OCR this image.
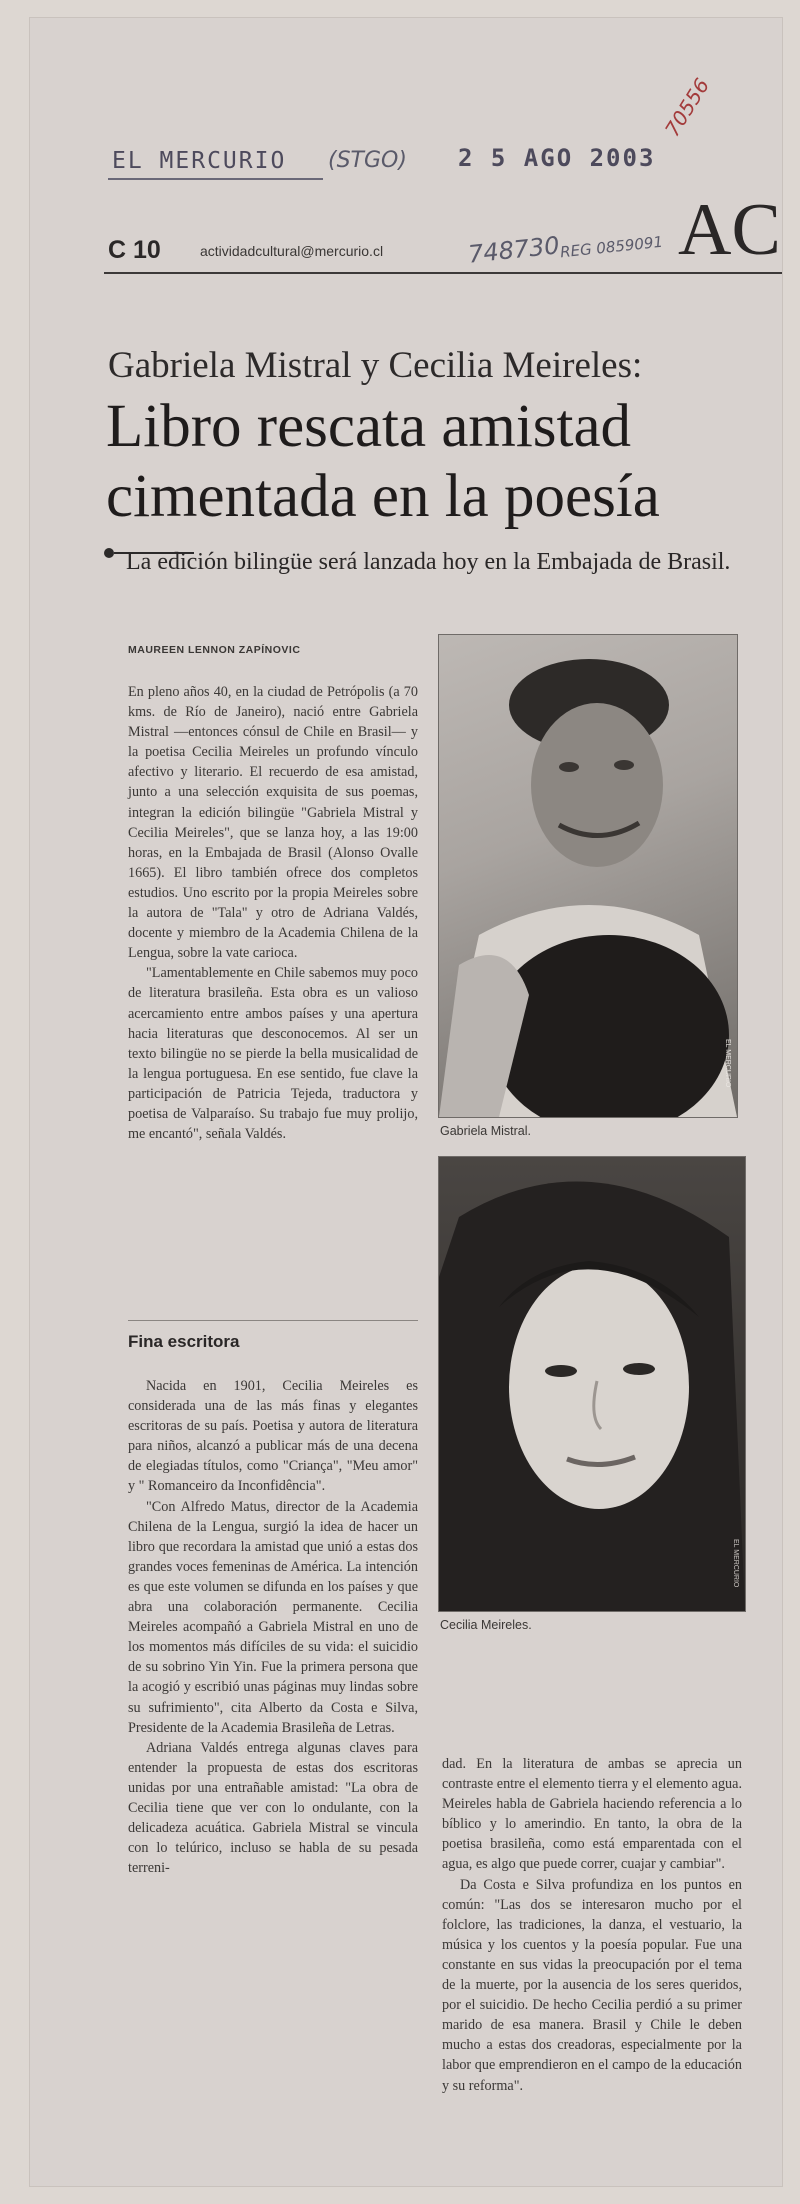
EL MERCURIO (STGO) 2 5 AGO 2003
70556
C 10	actividadcultural@mercurio.cl	748730
REG 0859091 AC
Gabriela Mistral y Cecilia Meireles:
Libro rescata amistad
cimentada en la poesía
La edición bilingüe será lanzada hoy en la Embajada de Brasil.
MAUREEN LENNON ZAPÍNOVIC

En pleno años 40, en la ciudad de Petrópolis (a 70 kms. de Río de Janeiro), nació entre Gabriela Mistral —entonces cónsul de Chile en Brasil— y la poetisa Cecilia Meireles un profundo vínculo afectivo y literario. El recuerdo de esa amistad, junto a una selección exquisita de sus poemas, integran la edición bilingüe "Gabriela Mistral y Cecilia Meireles", que se lanza hoy, a las 19:00 horas, en la Embajada de Brasil (Alonso Ovalle 1665). El libro también ofrece dos completos estudios. Uno escrito por la propia Meireles sobre la autora de "Tala" y otro de Adriana Valdés, docente y miembro de la Academia Chilena de la Lengua, sobre la vate carioca.

"Lamentablemente en Chile sabemos muy poco de literatura brasileña. Esta obra es un valioso acercamiento entre ambos países y una apertura hacia literaturas que desconocemos. Al ser un texto bilingüe no se pierde la bella musicalidad de la lengua portuguesa. En ese sentido, fue clave la participación de Patricia Tejeda, traductora y poetisa de Valparaíso. Su trabajo fue muy prolijo, me encantó", señala Valdés.

Fina escritora

Nacida en 1901, Cecilia Meireles es considerada una de las más finas y elegantes escritoras de su país. Poetisa y autora de literatura para niños, alcanzó a publicar más de una decena de elegiadas títulos, como "Criança", "Meu amor" y " Romanceiro da Inconfidência".

"Con Alfredo Matus, director de la Academia Chilena de la Lengua, surgió la idea de hacer un libro que recordara la amistad que unió a estas dos grandes voces femeninas de América. La intención es que este volumen se difunda en los países y que abra una colaboración permanente. Cecilia Meireles acompañó a Gabriela Mistral en uno de los momentos más difíciles de su vida: el suicidio de su sobrino Yin Yin. Fue la primera persona que la acogió y escribió unas páginas muy lindas sobre su sufrimiento", cita Alberto da Costa e Silva, Presidente de la Academia Brasileña de Letras.

Adriana Valdés entrega algunas claves para entender la propuesta de estas dos escritoras unidas por una entrañable amistad: "La obra de Cecilia tiene que ver con lo ondulante, con la delicadeza acuática. Gabriela Mistral se vincula con lo telúrico, incluso se habla de su pesada terreni-

dad. En la literatura de ambas se aprecia un contraste entre el elemento tierra y el elemento agua. Meireles habla de Gabriela haciendo referencia a lo bíblico y lo amerindio. En tanto, la obra de la poetisa brasileña, como está emparentada con el agua, es algo que puede correr, cuajar y cambiar".

Da Costa e Silva profundiza en los puntos en común: "Las dos se interesaron mucho por el folclore, las tradiciones, la danza, el vestuario, la música y los cuentos y la poesía popular. Fue una constante en sus vidas la preocupación por el tema de la muerte, por la ausencia de los seres queridos, por el suicidio. De hecho Cecilia perdió a su primer marido de esa manera. Brasil y Chile le deben mucho a estas dos creadoras, especialmente por la labor que emprendieron en el campo de la educación y su reforma".

EL MERCURIO
Gabriela Mistral.
EL MERCURIO
Cecilia Meireles.
